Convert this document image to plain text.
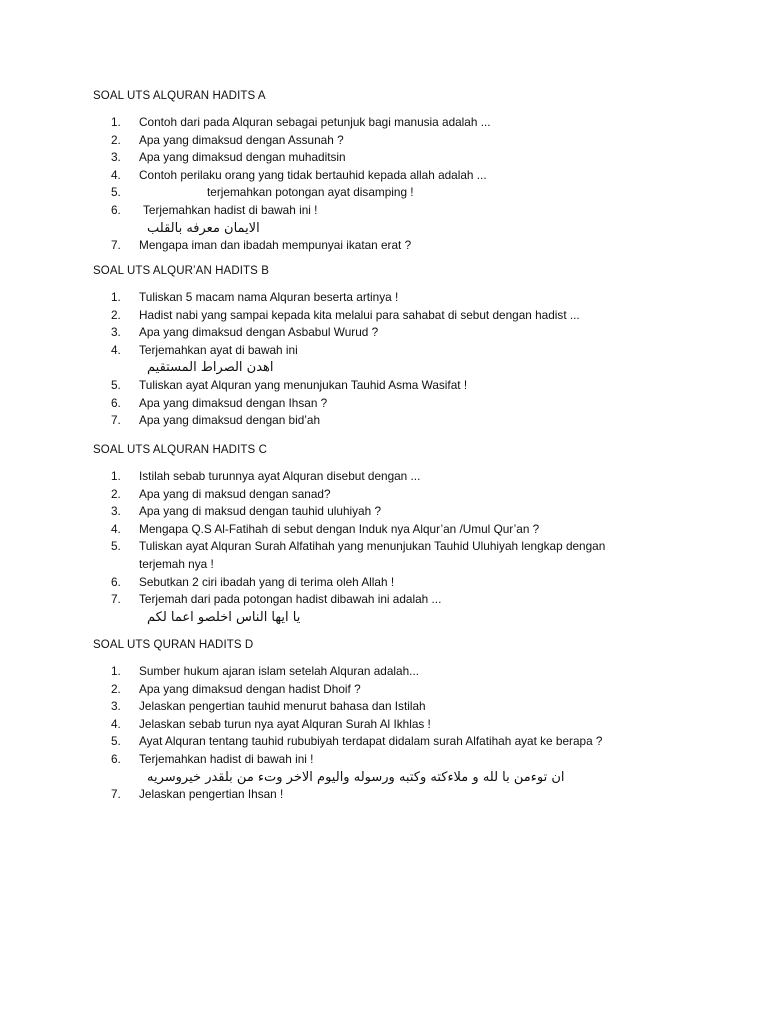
SOAL UTS ALQURAN HADITS A
1.	Contoh dari pada Alquran sebagai petunjuk bagi manusia adalah ...
2.	Apa yang dimaksud dengan Assunah ?
3.	Apa yang dimaksud dengan muhaditsin
4.	Contoh perilaku orang yang tidak bertauhid kepada allah adalah ...
5.	terjemahkan potongan ayat disamping !
6.	Terjemahkan hadist di bawah ini !
الايمان معرفه بالقلب
7.	Mengapa iman dan ibadah mempunyai ikatan erat ?
SOAL UTS ALQUR’AN HADITS B
1.	Tuliskan 5 macam nama Alquran beserta artinya !
2.	Hadist nabi yang sampai kepada kita melalui para sahabat di sebut dengan hadist ...
3.	Apa yang dimaksud dengan Asbabul Wurud ?
4.	Terjemahkan ayat di bawah ini
اهدن الصراط المستقيم
5.	Tuliskan ayat Alquran yang menunjukan Tauhid Asma Wasifat !
6.	Apa yang dimaksud dengan Ihsan ?
7.	Apa yang dimaksud dengan bid’ah
SOAL UTS ALQURAN HADITS C
1.	Istilah sebab turunnya ayat Alquran disebut dengan ...
2.	Apa yang di maksud dengan sanad?
3.	Apa yang di maksud dengan tauhid uluhiyah ?
4.	Mengapa Q.S Al-Fatihah di sebut dengan Induk nya Alqur’an /Umul Qur’an ?
5.	Tuliskan ayat Alquran Surah Alfatihah yang menunjukan Tauhid Uluhiyah lengkap dengan
terjemah nya !
6.	Sebutkan 2 ciri ibadah yang di terima oleh Allah !
7.	Terjemah dari pada potongan hadist dibawah ini adalah ...
يا ايها الناس اخلصو اعما لكم
SOAL UTS QURAN HADITS D
1.	Sumber hukum ajaran islam setelah Alquran adalah...
2.	Apa yang dimaksud dengan hadist Dhoif ?
3.	Jelaskan pengertian tauhid menurut bahasa dan Istilah
4.	Jelaskan sebab turun nya ayat Alquran Surah Al Ikhlas !
5.	Ayat Alquran tentang tauhid rububiyah terdapat didalam surah Alfatihah ayat ke berapa ?
6.	Terjemahkan hadist di bawah ini !
ان توءمن با لله و ملاءكته وكتبه ورسوله واليوم الاخر وتء من بلقدر خيروسريه
7.	Jelaskan pengertian Ihsan !
